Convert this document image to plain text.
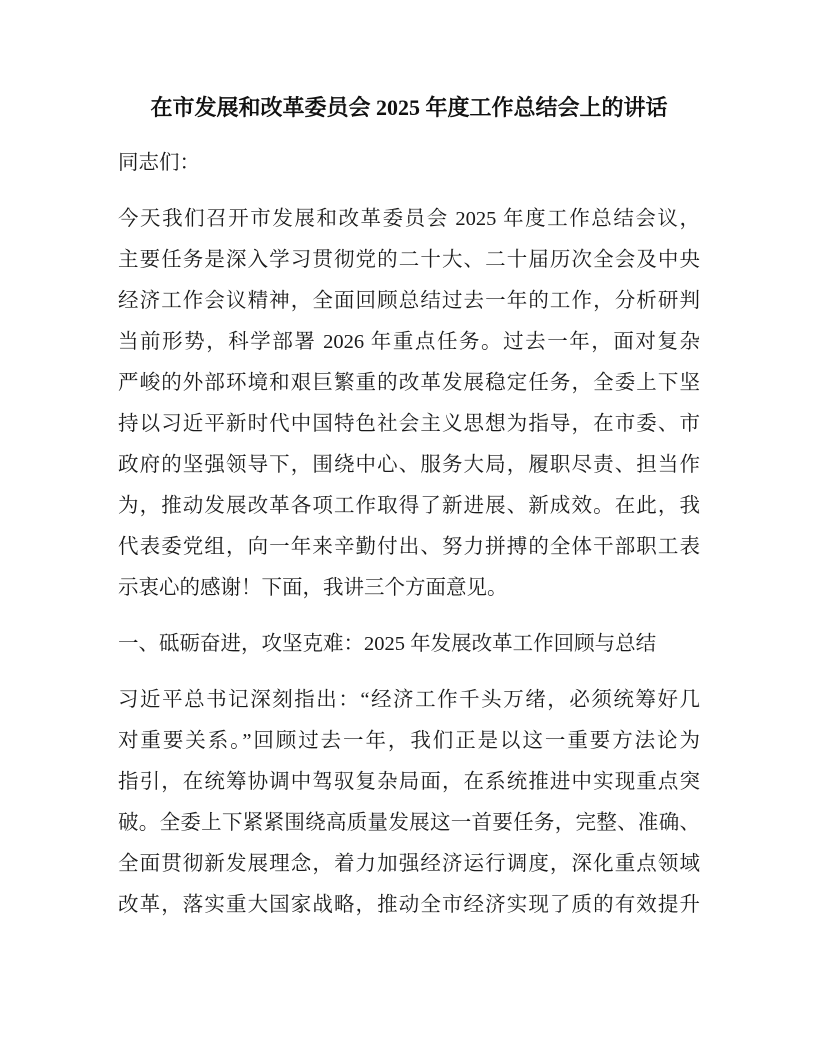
在市发展和改革委员会 2025 年度工作总结会上的讲话
同志们：
今天我们召开市发展和改革委员会 2025 年度工作总结会议，
主要任务是深入学习贯彻党的二十大、二十届历次全会及中央
经济工作会议精神，全面回顾总结过去一年的工作，分析研判
当前形势，科学部署 2026 年重点任务。过去一年，面对复杂
严峻的外部环境和艰巨繁重的改革发展稳定任务，全委上下坚
持以习近平新时代中国特色社会主义思想为指导，在市委、市
政府的坚强领导下，围绕中心、服务大局，履职尽责、担当作
为，推动发展改革各项工作取得了新进展、新成效。在此，我
代表委党组，向一年来辛勤付出、努力拼搏的全体干部职工表
示衷心的感谢！下面，我讲三个方面意见。
一、砥砺奋进，攻坚克难：2025 年发展改革工作回顾与总结
习近平总书记深刻指出：“经济工作千头万绪，必须统筹好几
对重要关系。”回顾过去一年，我们正是以这一重要方法论为
指引，在统筹协调中驾驭复杂局面，在系统推进中实现重点突
破。全委上下紧紧围绕高质量发展这一首要任务，完整、准确、
全面贯彻新发展理念，着力加强经济运行调度，深化重点领域
改革，落实重大国家战略，推动全市经济实现了质的有效提升
